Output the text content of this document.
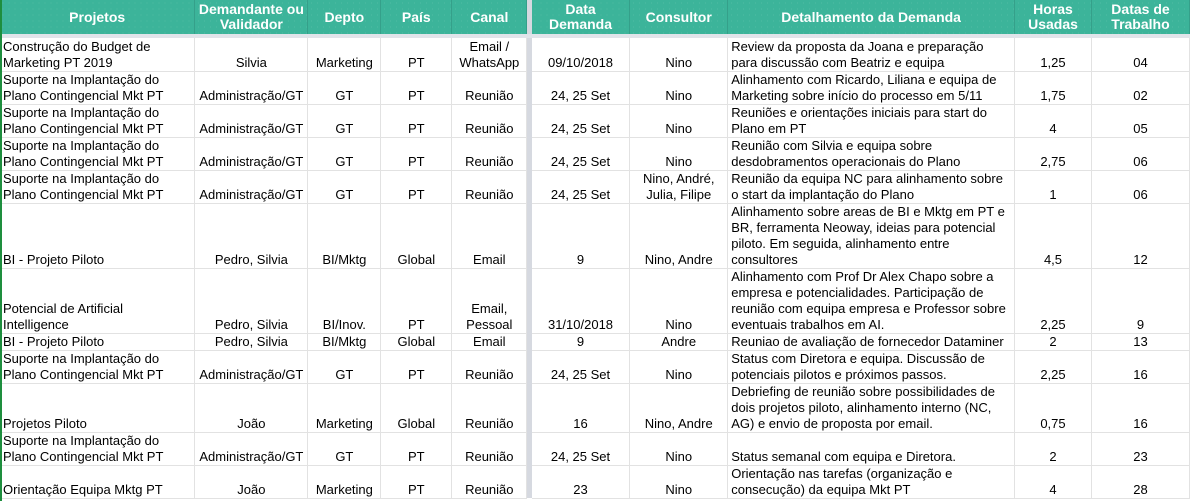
Projetos	Demandante ou Validador	Depto	País	Canal		Data Demanda	Consultor	Detalhamento da Demanda	Horas Usadas	Datas de Trabalho

Construção do Budget de Marketing PT 2019	Silvia	Marketing	PT	Email / WhatsApp		09/10/2018	Nino	Review da proposta da Joana e preparação para discussão com Beatriz e equipa	1,25	04
Suporte na Implantação do Plano Contingencial Mkt PT	Administração/GT	GT	PT	Reunião		24, 25 Set	Nino	Alinhamento com Ricardo, Liliana e equipa de Marketing sobre início do processo em 5/11	1,75	02
Suporte na Implantação do Plano Contingencial Mkt PT	Administração/GT	GT	PT	Reunião		24, 25 Set	Nino	Reuniões e orientações iniciais para start do Plano em PT	4	05
Suporte na Implantação do Plano Contingencial Mkt PT	Administração/GT	GT	PT	Reunião		24, 25 Set	Nino	Reunião com Silvia e equipa sobre desdobramentos operacionais do Plano	2,75	06
Suporte na Implantação do Plano Contingencial Mkt PT	Administração/GT	GT	PT	Reunião		24, 25 Set	Nino, André, Julia, Filipe	Reunião da equipa NC para alinhamento sobre o start da implantação do Plano	1	06
BI - Projeto Piloto	Pedro, Silvia	BI/Mktg	Global	Email		9	Nino, Andre	Alinhamento sobre areas de BI e Mktg em PT e BR, ferramenta Neoway, ideias para potencial piloto. Em seguida, alinhamento entre consultores	4,5	12
Potencial de Artificial Intelligence	Pedro, Silvia	BI/Inov.	PT	Email, Pessoal		31/10/2018	Nino	Alinhamento com Prof Dr Alex Chapo sobre a empresa e potencialidades. Participação de reunião com equipa empresa e Professor sobre eventuais trabalhos em AI.	2,25	9
BI - Projeto Piloto	Pedro, Silvia	BI/Mktg	Global	Email		9	Andre	Reuniao de avaliação de fornecedor Dataminer	2	13
Suporte na Implantação do Plano Contingencial Mkt PT	Administração/GT	GT	PT	Reunião		24, 25 Set	Nino	Status com Diretora e equipa. Discussão de potenciais pilotos e próximos passos.	2,25	16
Projetos Piloto	João	Marketing	Global	Reunião		16	Nino, Andre	Debriefing de reunião sobre possibilidades de dois projetos piloto, alinhamento interno (NC, AG) e envio de proposta por email.	0,75	16
Suporte na Implantação do Plano Contingencial Mkt PT	Administração/GT	GT	PT	Reunião		24, 25 Set	Nino	Status semanal com equipa e Diretora.	2	23
Orientação Equipa Mktg PT	João	Marketing	PT	Reunião		23	Nino	Orientação nas tarefas (organização e consecução) da equipa Mkt PT	4	28
